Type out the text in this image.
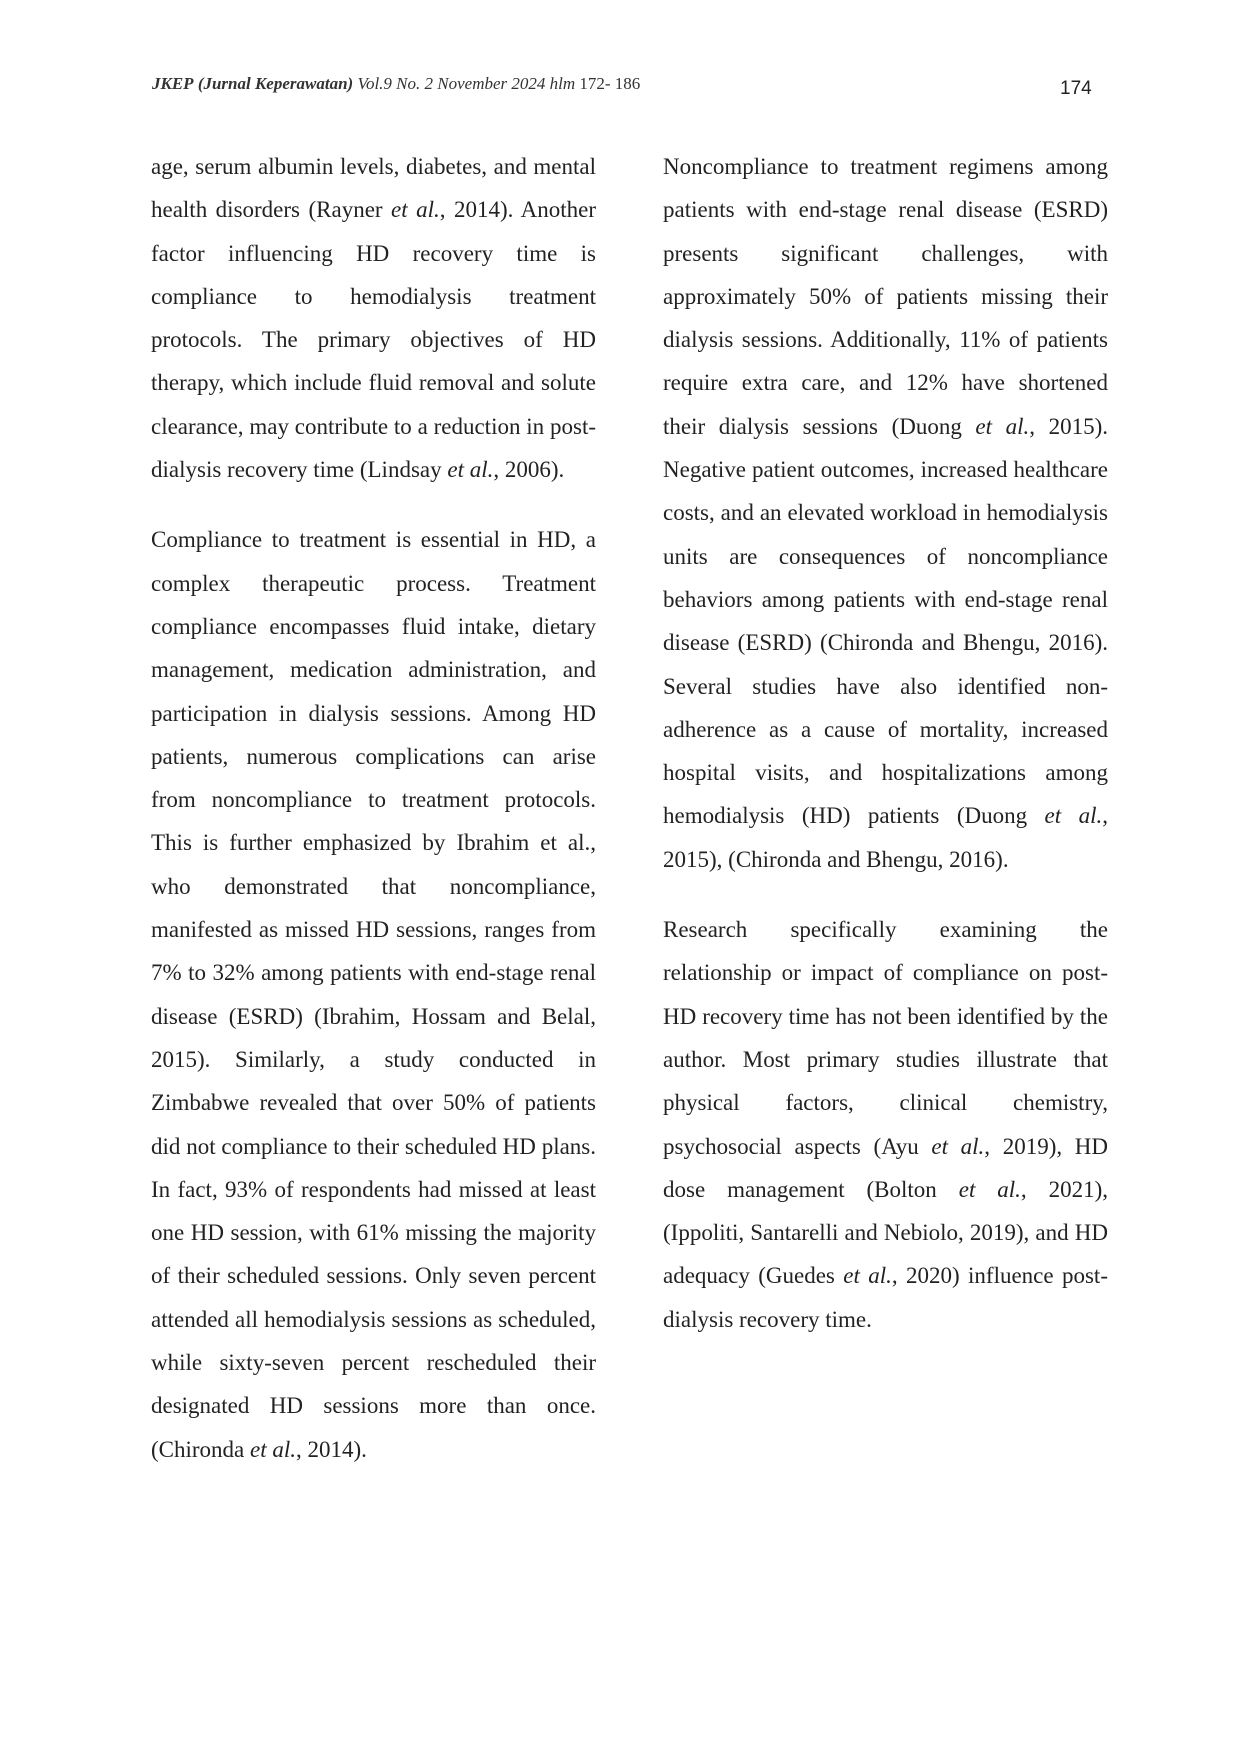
JKEP (Jurnal Keperawatan) Vol.9 No. 2 November 2024 hlm 172- 186	174

age, serum albumin levels, diabetes, and mental health disorders (Rayner et al., 2014). Another factor influencing HD recovery time is compliance to hemodialysis treatment protocols. The primary objectives of HD therapy, which include fluid removal and solute clearance, may contribute to a reduction in post-dialysis recovery time (Lindsay et al., 2006).

Compliance to treatment is essential in HD, a complex therapeutic process. Treatment compliance encompasses fluid intake, dietary management, medication administration, and participation in dialysis sessions. Among HD patients, numerous complications can arise from noncompliance to treatment protocols. This is further emphasized by Ibrahim et al., who demonstrated that noncompliance, manifested as missed HD sessions, ranges from 7% to 32% among patients with end-stage renal disease (ESRD) (Ibrahim, Hossam and Belal, 2015). Similarly, a study conducted in Zimbabwe revealed that over 50% of patients did not compliance to their scheduled HD plans. In fact, 93% of respondents had missed at least one HD session, with 61% missing the majority of their scheduled sessions. Only seven percent attended all hemodialysis sessions as scheduled, while sixty-seven percent rescheduled their designated HD sessions more than once. (Chironda et al., 2014).

Noncompliance to treatment regimens among patients with end-stage renal disease (ESRD) presents significant challenges, with approximately 50% of patients missing their dialysis sessions. Additionally, 11% of patients require extra care, and 12% have shortened their dialysis sessions (Duong et al., 2015). Negative patient outcomes, increased healthcare costs, and an elevated workload in hemodialysis units are consequences of noncompliance behaviors among patients with end-stage renal disease (ESRD) (Chironda and Bhengu, 2016). Several studies have also identified non-adherence as a cause of mortality, increased hospital visits, and hospitalizations among hemodialysis (HD) patients (Duong et al., 2015), (Chironda and Bhengu, 2016).

Research specifically examining the relationship or impact of compliance on post-HD recovery time has not been identified by the author. Most primary studies illustrate that physical factors, clinical chemistry, psychosocial aspects (Ayu et al., 2019), HD dose management (Bolton et al., 2021), (Ippoliti, Santarelli and Nebiolo, 2019), and HD adequacy (Guedes et al., 2020) influence post-dialysis recovery time.
